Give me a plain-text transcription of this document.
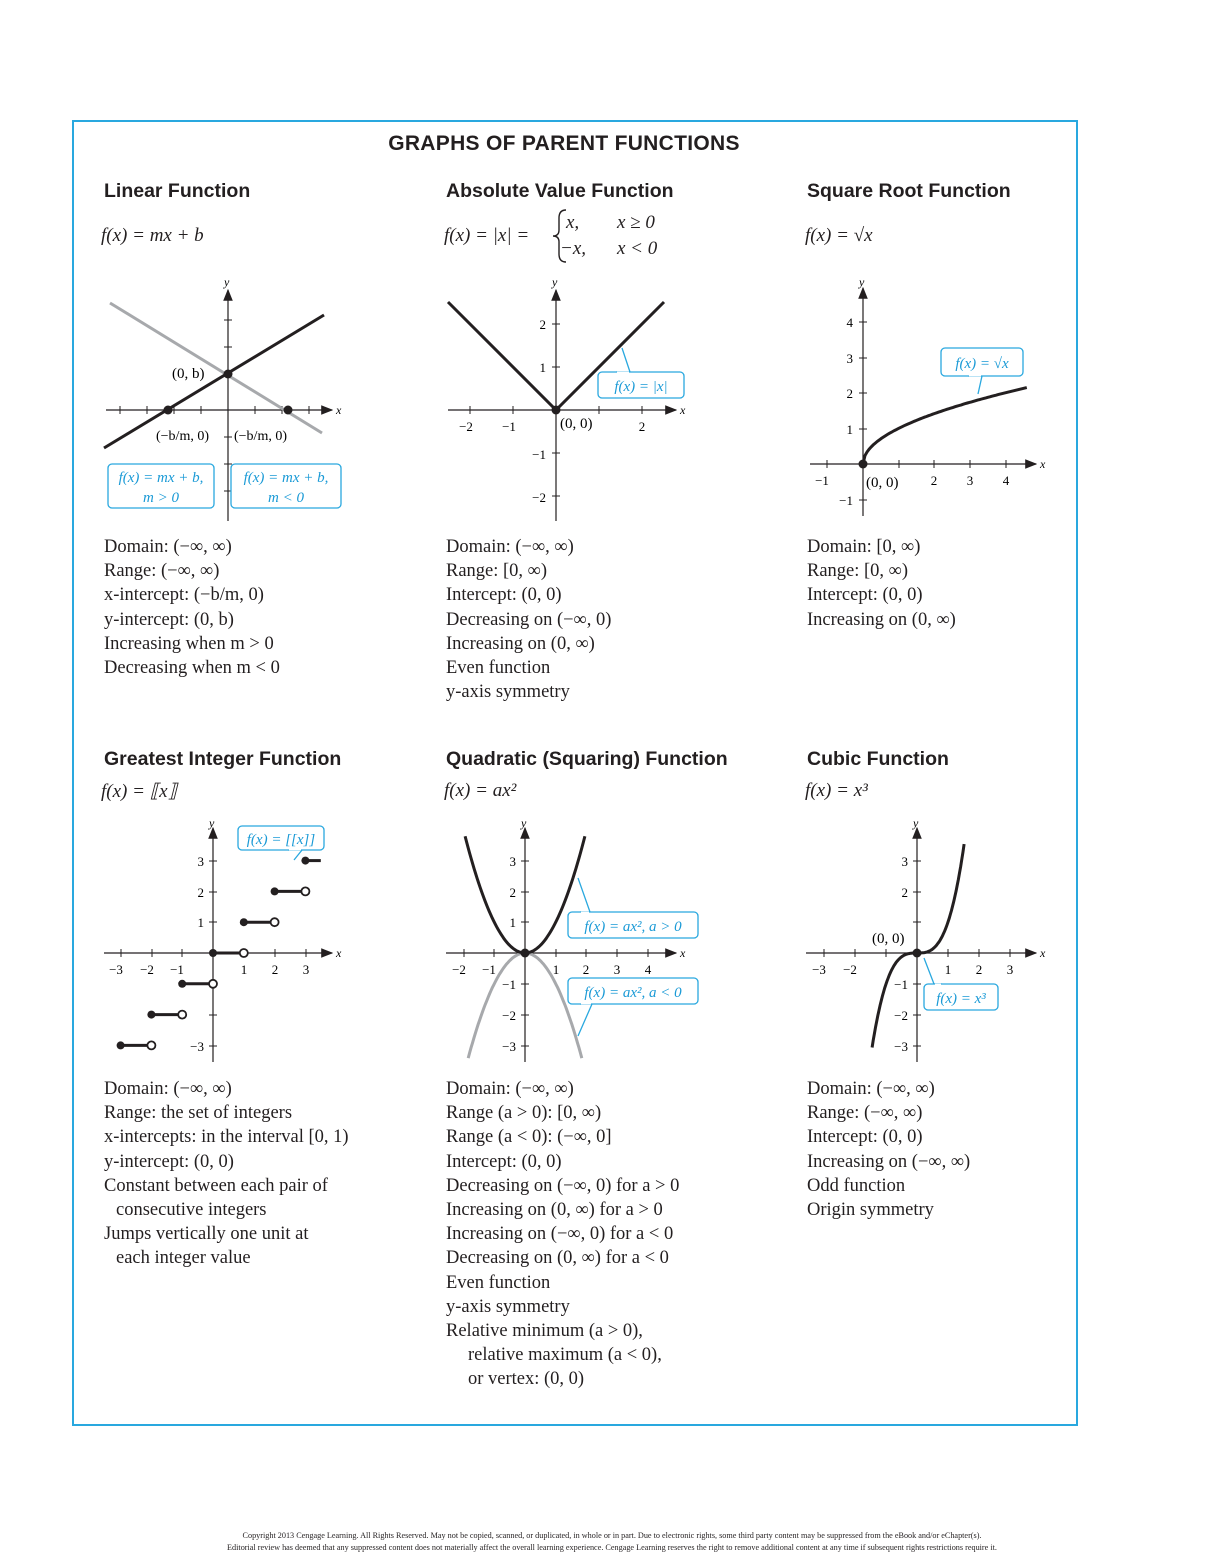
GRAPHS OF PARENT FUNCTIONS
Linear Function
f(x) = mx + b
x
y
(0, b)
(−b/m, 0) (−b/m, 0)
f(x) = mx + b,
m > 0
f(x) = mx + b,
m < 0
Domain: (−∞, ∞)
Range: (−∞, ∞)
x-intercept: (−b/m, 0)
y-intercept: (0, b)
Increasing when m > 0
Decreasing when m < 0
Absolute Value Function
f(x) = |x| =
x, x ≥ 0
−x, x < 0
x
y
−2 −1	2
2
1
−1
−2
(0, 0)
f(x) = |x|
Domain: (−∞, ∞)
Range: [0, ∞)
Intercept: (0, 0)
Decreasing on (−∞, 0)
Increasing on (0, ∞)
Even function
y-axis symmetry
Square Root Function
f(x) = √x
x
y
−1	2 3 4
4
3
2
1
−1
(0, 0)
f(x) = √x
Domain: [0, ∞)
Range: [0, ∞)
Intercept: (0, 0)
Increasing on (0, ∞)
Greatest Integer Function
f(x) = ⟦x⟧
x
y
−3 −2 −1	1 2 3
3
2
1
−3
f(x) = [[x]]
Domain: (−∞, ∞)
Range: the set of integers
x-intercepts: in the interval [0, 1)
y-intercept: (0, 0)
Constant between each pair of
consecutive integers
Jumps vertically one unit at
each integer value
Quadratic (Squaring) Function
f(x) = ax²
x
y
−2 −1	1 2 3 4
3
2
1
−1
−2
−3
f(x) = ax², a > 0
f(x) = ax², a < 0
Domain: (−∞, ∞)
Range (a > 0): [0, ∞)
Range (a < 0): (−∞, 0]
Intercept: (0, 0)
Decreasing on (−∞, 0) for a > 0
Increasing on (0, ∞) for a > 0
Increasing on (−∞, 0) for a < 0
Decreasing on (0, ∞) for a < 0
Even function
y-axis symmetry
Relative minimum (a > 0),
relative maximum (a < 0),
or vertex: (0, 0)
Cubic Function
f(x) = x³
x
y
−3 −2	1 2 3
3
2
−1
−2
−3
(0, 0)
f(x) = x³
Domain: (−∞, ∞)
Range: (−∞, ∞)
Intercept: (0, 0)
Increasing on (−∞, ∞)
Odd function
Origin symmetry
Copyright 2013 Cengage Learning. All Rights Reserved. May not be copied, scanned, or duplicated, in whole or in part. Due to electronic rights, some third party content may be suppressed from the eBook and/or eChapter(s).
Editorial review has deemed that any suppressed content does not materially affect the overall learning experience. Cengage Learning reserves the right to remove additional content at any time if subsequent rights restrictions require it.
